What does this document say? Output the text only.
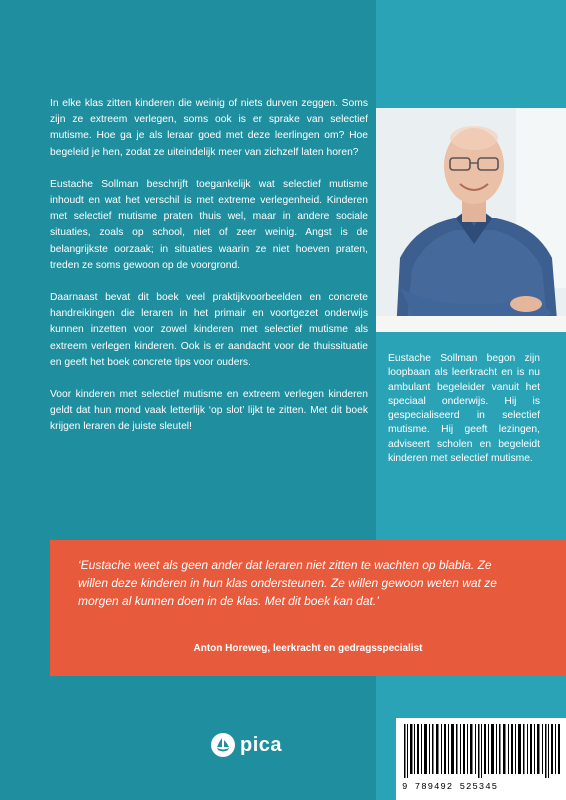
In elke klas zitten kinderen die weinig of niets durven zeggen. Soms zijn ze extreem verlegen, soms ook is er sprake van selectief mutisme. Hoe ga je als leraar goed met deze leerlingen om? Hoe begeleid je hen, zodat ze uiteindelijk meer van zichzelf laten horen?

Eustache Sollman beschrijft toegankelijk wat selectief mutisme inhoudt en wat het verschil is met extreme verlegenheid. Kinderen met selectief mutisme praten thuis wel, maar in andere sociale situaties, zoals op school, niet of zeer weinig. Angst is de belangrijkste oorzaak; in situaties waarin ze niet hoeven praten, treden ze soms gewoon op de voorgrond.

Daarnaast bevat dit boek veel praktijkvoorbeelden en concrete handreikingen die leraren in het primair en voortgezet onderwijs kunnen inzetten voor zowel kinderen met selectief mutisme als extreem verlegen kinderen. Ook is er aandacht voor de thuissituatie en geeft het boek concrete tips voor ouders.

Voor kinderen met selectief mutisme en extreem verlegen kinderen geldt dat hun mond vaak letterlijk ‘op slot’ lijkt te zitten. Met dit boek krijgen leraren de juiste sleutel!

Eustache Sollman begon zijn loopbaan als leerkracht en is nu ambulant begeleider vanuit het speciaal onderwijs. Hij is gespecialiseerd in selectief mutisme. Hij geeft lezingen, adviseert scholen en begeleidt kinderen met selectief mutisme.

‘Eustache weet als geen ander dat leraren niet zitten te wachten op blabla. Ze willen deze kinderen in hun klas ondersteunen. Ze willen gewoon weten wat ze morgen al kunnen doen in de klas. Met dit boek kan dat.’

Anton Horeweg, leerkracht en gedragsspecialist
pica
9 789492 525345
